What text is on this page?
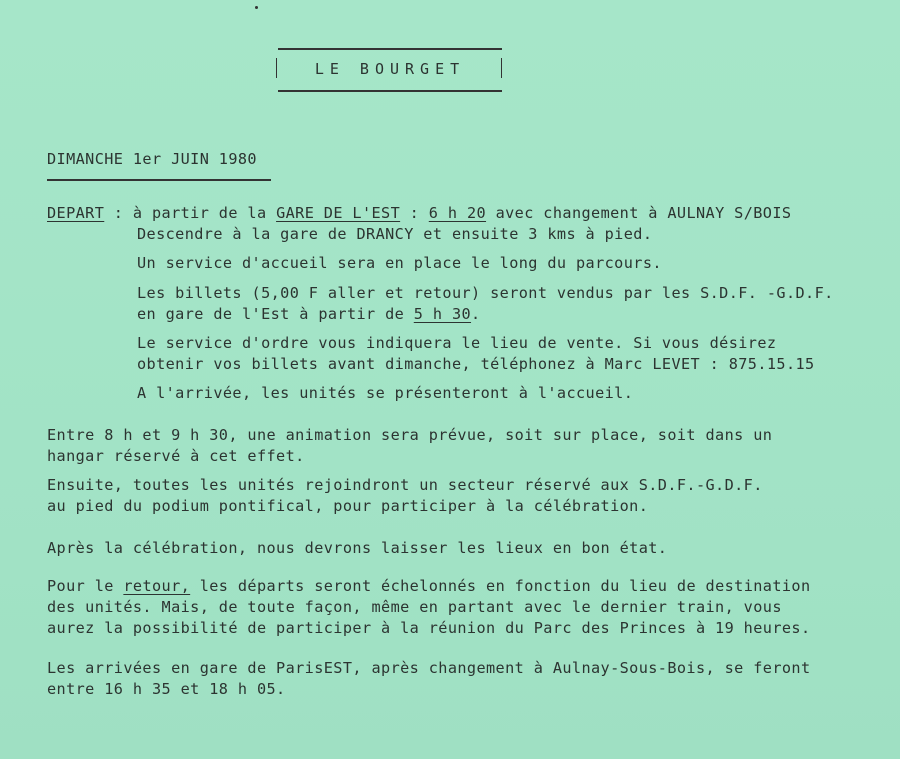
LE BOURGET
DIMANCHE 1er JUIN 1980
DEPART : à partir de la GARE DE L'EST : 6 h 20 avec changement à AULNAY S/BOIS
Descendre à la gare de DRANCY et ensuite 3 kms à pied.
Un service d'accueil sera en place le long du parcours.
Les billets (5,00 F aller et retour) seront vendus par les S.D.F. -G.D.F.
en gare de l'Est à partir de 5 h 30.
Le service d'ordre vous indiquera le lieu de vente. Si vous désirez
obtenir vos billets avant dimanche, téléphonez à Marc LEVET : 875.15.15
A l'arrivée, les unités se présenteront à l'accueil.
Entre 8 h et 9 h 30, une animation sera prévue, soit sur place, soit dans un
hangar réservé à cet effet.
Ensuite, toutes les unités rejoindront un secteur réservé aux S.D.F.-G.D.F.
au pied du podium pontifical, pour participer à la célébration.
Après la célébration, nous devrons laisser les lieux en bon état.
Pour le retour, les départs seront échelonnés en fonction du lieu de destination
des unités. Mais, de toute façon, même en partant avec le dernier train, vous
aurez la possibilité de participer à la réunion du Parc des Princes à 19 heures.
Les arrivées en gare de ParisEST, après changement à Aulnay-Sous-Bois, se feront
entre 16 h 35 et 18 h 05.
